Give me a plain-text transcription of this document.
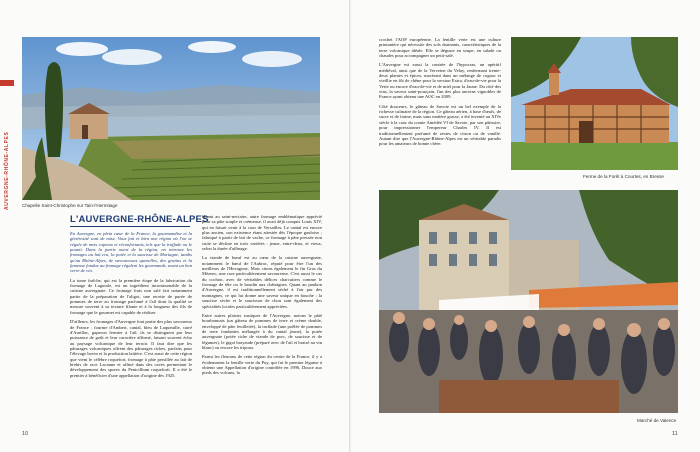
AUVERGNE-RHÔNE-ALPES	Chapelle Saint-Christophe sur Tain-l'Hermitage
L'AUVERGNE-RHÔNE-ALPES

En Auvergne, en plein cœur de la France, la gourmandise et la générosité sont de mise. Vous fait et bien une région où l'on se régale de mets copieux et réconfortants, tels que la truffade ou le pounti. Dans la partie ouest de la région, on retrouve les fromages au lait cru, la potée et la saucisse de Mortagne, tandis qu'au Rhône-Alpes, de savoureuses quenelles, des gratins et la fameuse fondue au fromage régalent les gourmands, avant un bon verre de vin.

La tome fraîche, qui est la première étape de la fabrication du fromage de Laguiole, est un ingrédient incontournable de la cuisine auvergnate. Ce fromage frais non salé fait notamment partie de la préparation de l'aligot, une recette de purée de pommes de terre au fromage parfumé à l'ail dont la qualité se mesure souvent à sa texture filante et à la longueur des fils de fromage que le gourmet est capable de réaliser.

D'ailleurs, les fromages d'Auvergne font partie des plus savoureux de France : fourme d'Ambert, cantal, bleu de Laqueuille, carré d'Aurillac, gaperon fermier à l'ail, ils se distinguent par leur puissance de goût et leur caractère affirmé, faisant souvent écho au paysage volcanique de leur terroir. Il faut dire que les pâturages volcaniques offrent des pâturages riches, parfaits pour l'élevage bovin et la production laitière. C'est aussi de cette région que vient le célèbre roquefort, fromage à pâte persillée au lait de brebis de race Lacaune et affiné dans des caves permettant le développement des spores du Penicillium roqueforti. Il a été le premier à bénéficier d'une appellation d'origine dès 1925.

Quant au saint-nectaire, autre fromage emblématique apprécié pour sa pâte souple et crémeuse, il avait déjà conquis Louis XIV, qui en faisait venir à la cour de Versailles. Le cantal est encore plus ancien, son existence étant attestée dès l'époque gauloise ; fabriqué à partir de lait de vache, ce fromage à pâte pressée non cuite se décline en trois variétés : jeune, entre-deux, et vieux, selon la durée d'affinage.

La viande de bœuf est au cœur de la cuisine auvergnate, notamment le bœuf de l'Aubrac, réputé pour être l'un des meilleurs de l'Hexagone. Mais citons également le fin Gras du Mézenc, une race particulièrement savoureuse. C'est aussi le cas du cochon, avec de véritables délices charcutiers comme le fromage de tête ou le boudin aux châtaignes. Quant au jambon d'Auvergne, il est traditionnellement séché à l'air pur des montagnes, ce qui lui donne une saveur unique en bouche ; la saucisse sèche et le saucisson de chou sont également des spécialités locales particulièrement appréciées.

Entre autres plaisirs rustiques de l'Auvergne, notons le pâté bourbonnais (un gâteau de pommes de terre et crème double, enveloppé de pâte feuilletée), la truffade (une poêlée de pommes de terre fondantes mélangée à du cantal jeune), la potée auvergnate (potée riche de viande de porc, de saucisse et de légumes), le gigot brayaude (préparé avec de l'ail et braisé au vin blanc) ou encore les tripoux.

Parmi les fleurons de cette région du centre de la France, il y a évidemment la lentille verte du Puy, qui fut le premier légume à obtenir une Appellation d'origine contrôlée en 1996. Douce aux pieds des volcans, la

crochet l'AOP européenne. La lentille verte est une culture printanière qui nécessite des sols drainants, caractéristiques de la terre volcanique idéale. Elle se déguste en soupe, en salade ou chaudes pour accompagner un petit-salé.

L'Auvergne est aussi la contrée de l'hypocras, un apéritif médiéval, ainsi que de la Verveine du Velay, renfermant trente-deux plantes et épices, macérant dans un mélange de cognac et vieillie en fût de chêne pour la version Extra, d'eau-de-vie pour la Verte ou encore d'eau-de-vie et de miel pour la Jaune. Du côté des vins, la saveur saint-pourçain, l'un des plus anciens vignobles de France ayant obtenu une AOC en 2009.

Côté douceurs, le gâteau de Savoie est un bel exemple de la richesse culinaire de la région. Ce gâteau aérien, à base d'œufs, de sucre et de farine, mais sans matière grasse, a été inventé au XIVe siècle à la cour du comte Amédée VI de Savoie, par son pâtissier, pour impressionner l'empereur Charles IV. Il est traditionnellement parfumé de zestes de citron ou de vanille. Autant dire que l'Auvergne-Rhône-Alpes est un véritable paradis pour les amateurs de bonne chère.

Ferme de la Forêt à Courtes, en Bresse
Marché de Valence
10	11
